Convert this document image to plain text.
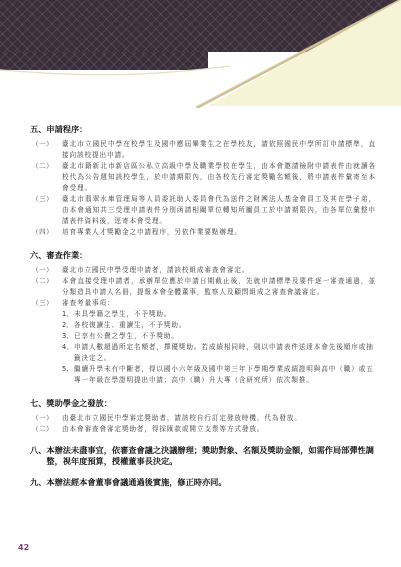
五、申請程序：
（一）	臺北市立國民中學在校學生及國中應屆畢業生之在學校友，請依照國民中學所訂申請標準，直接向該校提出申請。
（二）	臺北市籍新北市新店區公私立高級中學及職業學校在學生，由本會邀請檢附申請表件由就讀各校代為公告週知該校學生，於申請期限內，由各校先行審定獎勵名額後，將申請表件彙寄至本會受理。
（三）	臺北市翡翠水庫管理局等人員委託助人委員會代為送件之財團法人基金會員工及其在學子弟，由本會通知共三受理申請表件分別函請相關單位轉知所屬員工於申請期限內，由各單位彙整申請表件資料後，逕寄本會受理。
（四）	培育專業人才獎勵金之申請程序，另依作業要點辦理。
六、審查作業：
（一）	臺北市立國民中學受理申請者，請該校組成審查會審定。
（二）	本會直接受理申請者，承辦單位應於申請日期截止後，先就申請標準及要件逐一審查通過，並分類造具申請人名冊，提報本會全體董事，監察人及顧問組成之審查會議審定。
（三）	審查考量事項：
1、 未具學籍之學生，不予獎助。
2、 各校復讀生、重讀生，不予獎助。
3、 已享有公費之學生，不予獎助。
4、 申請人數超過所定名額者，擇優獎助。若成績相同時，則以申請表件送達本會先後順序或抽籤決定之。
5、 繼續升學未有中斷者，得以國小六年級及國中第三年下學期學業成績證明與高中（職）或五專一年級在學證明提出申請；高中（職）升大專（含研究所）依次類推。
七、獎助學金之發放：
（一）	由臺北市立國民中學審定獎助者，請該校自行訂定發放時機，代為發放。
（二）	由本會審查會審定獎助者，得採匯款或開立支票等方式發放。
八、 本辦法未盡事宜，依審查會議之決議辦理；獎助對象、名額及獎助金額，如需作局部彈性調整，視年度預算，授權董事長決定。
九、 本辦法經本會董事會議通過後實施，修正時亦同。
42
